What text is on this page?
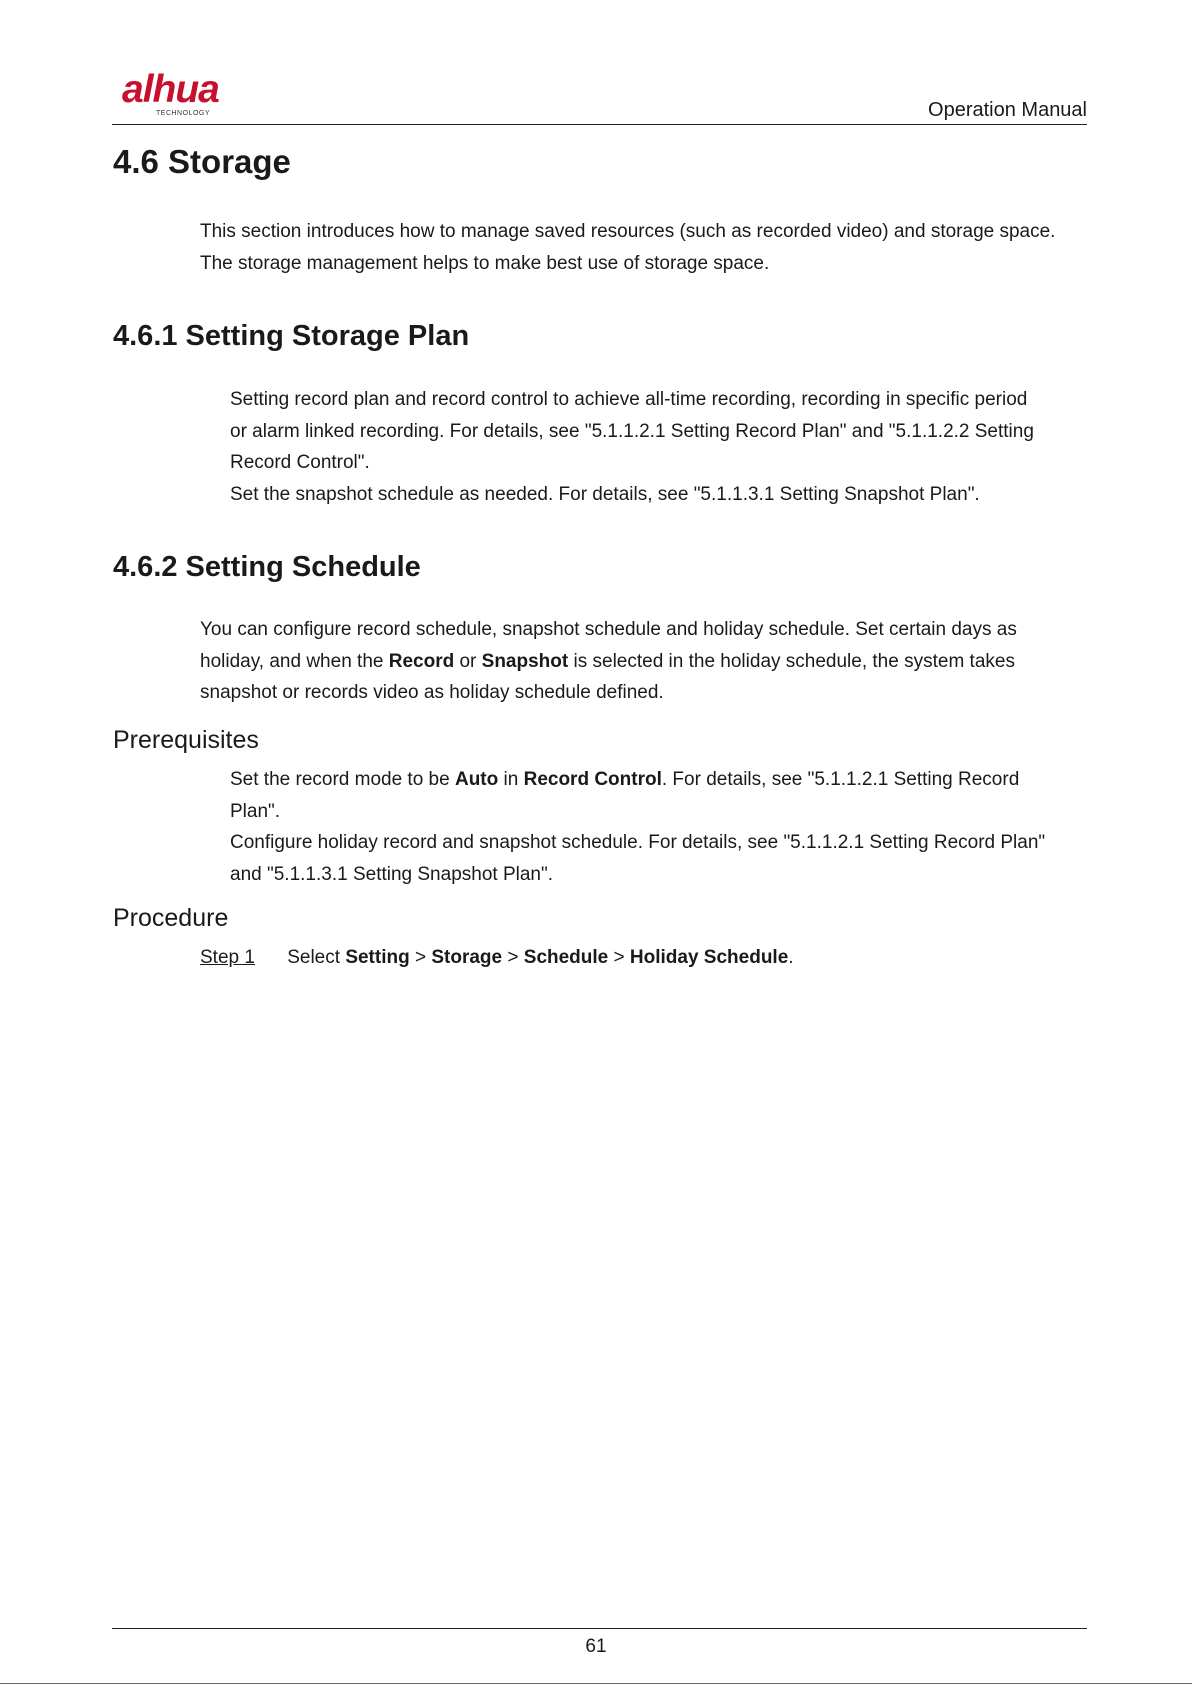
alhua
TECHNOLOGY	Operation Manual
4.6 Storage
This section introduces how to manage saved resources (such as recorded video) and storage space.
The storage management helps to make best use of storage space.
4.6.1 Setting Storage Plan
Setting record plan and record control to achieve all-time recording, recording in specific period
or alarm linked recording. For details, see "5.1.1.2.1 Setting Record Plan" and "5.1.1.2.2 Setting
Record Control".
Set the snapshot schedule as needed. For details, see "5.1.1.3.1 Setting Snapshot Plan".
4.6.2 Setting Schedule
You can configure record schedule, snapshot schedule and holiday schedule. Set certain days as
holiday, and when the Record or Snapshot is selected in the holiday schedule, the system takes
snapshot or records video as holiday schedule defined.
Prerequisites
Set the record mode to be Auto in Record Control. For details, see "5.1.1.2.1 Setting Record
Plan".
Configure holiday record and snapshot schedule. For details, see "5.1.1.2.1 Setting Record Plan"
and "5.1.1.3.1 Setting Snapshot Plan".
Procedure
Step 1 Select Setting > Storage > Schedule > Holiday Schedule.
61
